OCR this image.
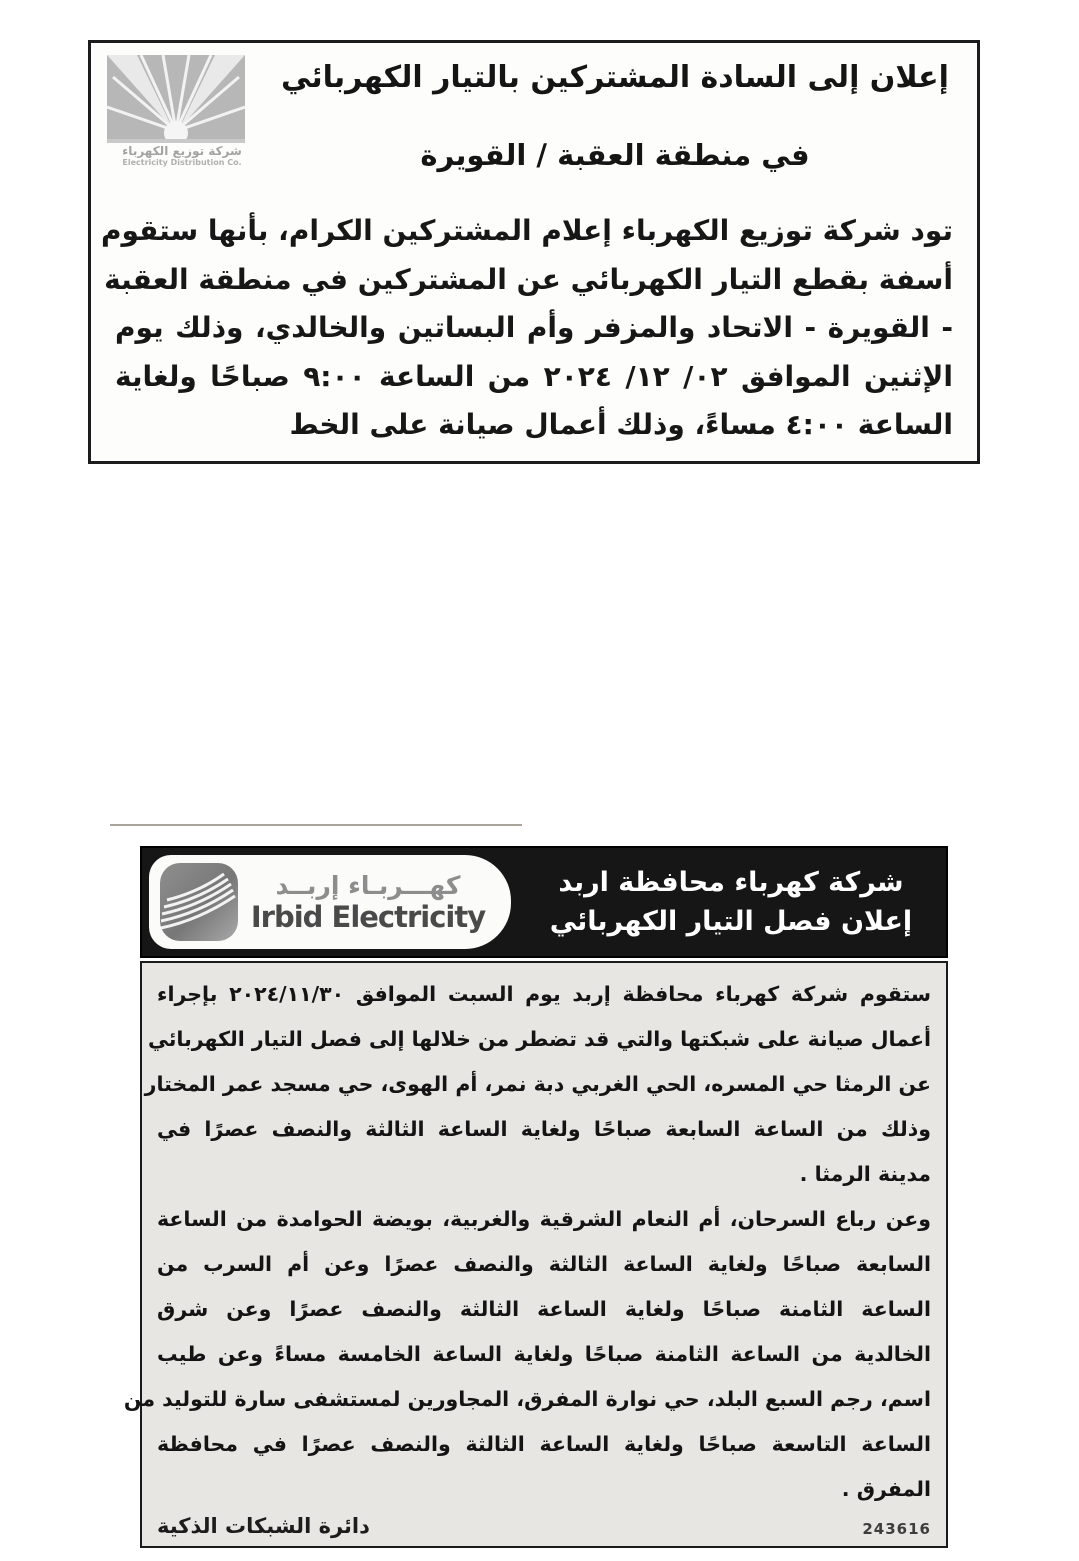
شركة توزيع الكهرباء
Electricity Distribution Co.
إعلان إلى السادة المشتركين بالتيار الكهربائي
في منطقة العقبة / القويرة
تود شركة توزيع الكهرباء إعلام المشتركين الكرام، بأنها ستقوم
أسفة بقطع التيار الكهربائي عن المشتركين في منطقة العقبة
- القويرة - الاتحاد والمزفر وأم البساتين والخالدي، وذلك يوم
الإثنين الموافق ٠٢/ ١٢/ ٢٠٢٤ من الساعة ٩:٠٠ صباحًا ولغاية
الساعة ٤:٠٠ مساءً، وذلك أعمال صيانة على الخط
كهـــربـاء إربــد
Irbid Electricity
شركة كهرباء محافظة اربد
إعلان فصل التيار الكهربائي
ستقوم شركة كهرباء محافظة إربد يوم السبت الموافق ٢٠٢٤/١١/٣٠ بإجراء
أعمال صيانة على شبكتها والتي قد تضطر من خلالها إلى فصل التيار الكهربائي
عن الرمثا حي المسره، الحي الغربي دبة نمر، أم الهوى، حي مسجد عمر المختار
وذلك من الساعة السابعة صباحًا ولغاية الساعة الثالثة والنصف عصرًا في
مدينة الرمثا .
وعن رباع السرحان، أم النعام الشرقية والغربية، بويضة الحوامدة من الساعة
السابعة صباحًا ولغاية الساعة الثالثة والنصف عصرًا وعن أم السرب من
الساعة الثامنة صباحًا ولغاية الساعة الثالثة والنصف عصرًا وعن شرق
الخالدية من الساعة الثامنة صباحًا ولغاية الساعة الخامسة مساءً وعن طيب
اسم، رجم السبع البلد، حي نوارة المفرق، المجاورين لمستشفى سارة للتوليد من
الساعة التاسعة صباحًا ولغاية الساعة الثالثة والنصف عصرًا في محافظة
المفرق .
دائرة الشبكات الذكية	243616
